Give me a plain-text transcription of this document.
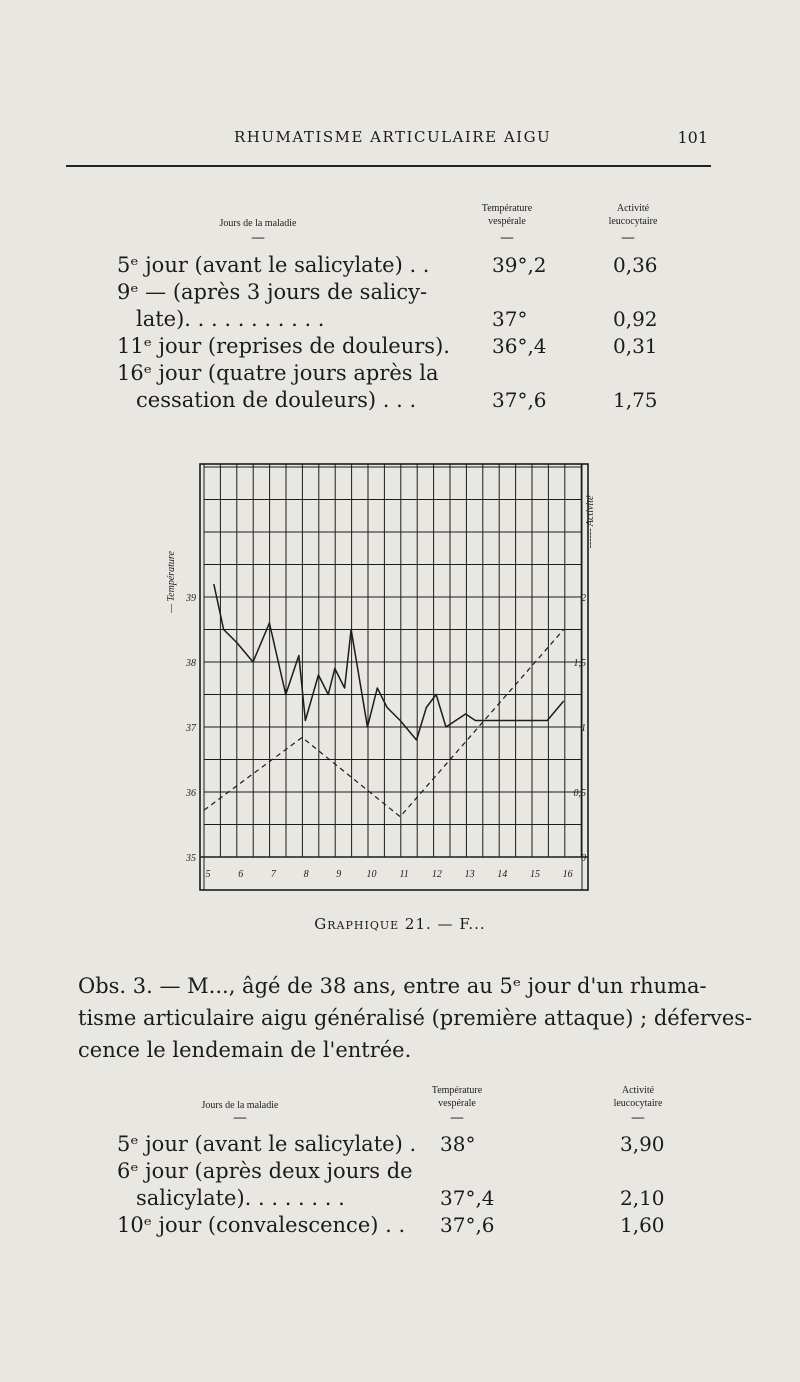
RHUMATISME ARTICULAIRE AIGU	101
Jours de la maladie
Température
vespérale
Activité
leucocytaire
—	—	—
5ᵉ jour (avant le salicylate) . .	39°,2	0,36
9ᵉ — (après 3 jours de salicy-
late). . . . . . . . . . .	37°	0,92
11ᵉ jour (reprises de douleurs). 36°,4	0,31
16ᵉ jour (quatre jours après la
cessation de douleurs) . . .	37°,6	1,75
5	6	7	8	9	10 11 12 13 14 15 16
35
36
37
38
39
0
0,5
1
1,5
2
— Température
------ Activité
Graphique 21. — F...
Obs. 3. — M..., âgé de 38 ans, entre au 5ᵉ jour d'un rhuma-
tisme articulaire aigu généralisé (première attaque) ; déferves-
cence le lendemain de l'entrée.
Jours de la maladie
Température
vespérale
Activité
leucocytaire
—	—	—
5ᵉ jour (avant le salicylate) . 38°	3,90
6ᵉ jour (après deux jours de
salicylate). . . . . . . .	37°,4	2,10
10ᵉ jour (convalescence) . . 37°,6	1,60
